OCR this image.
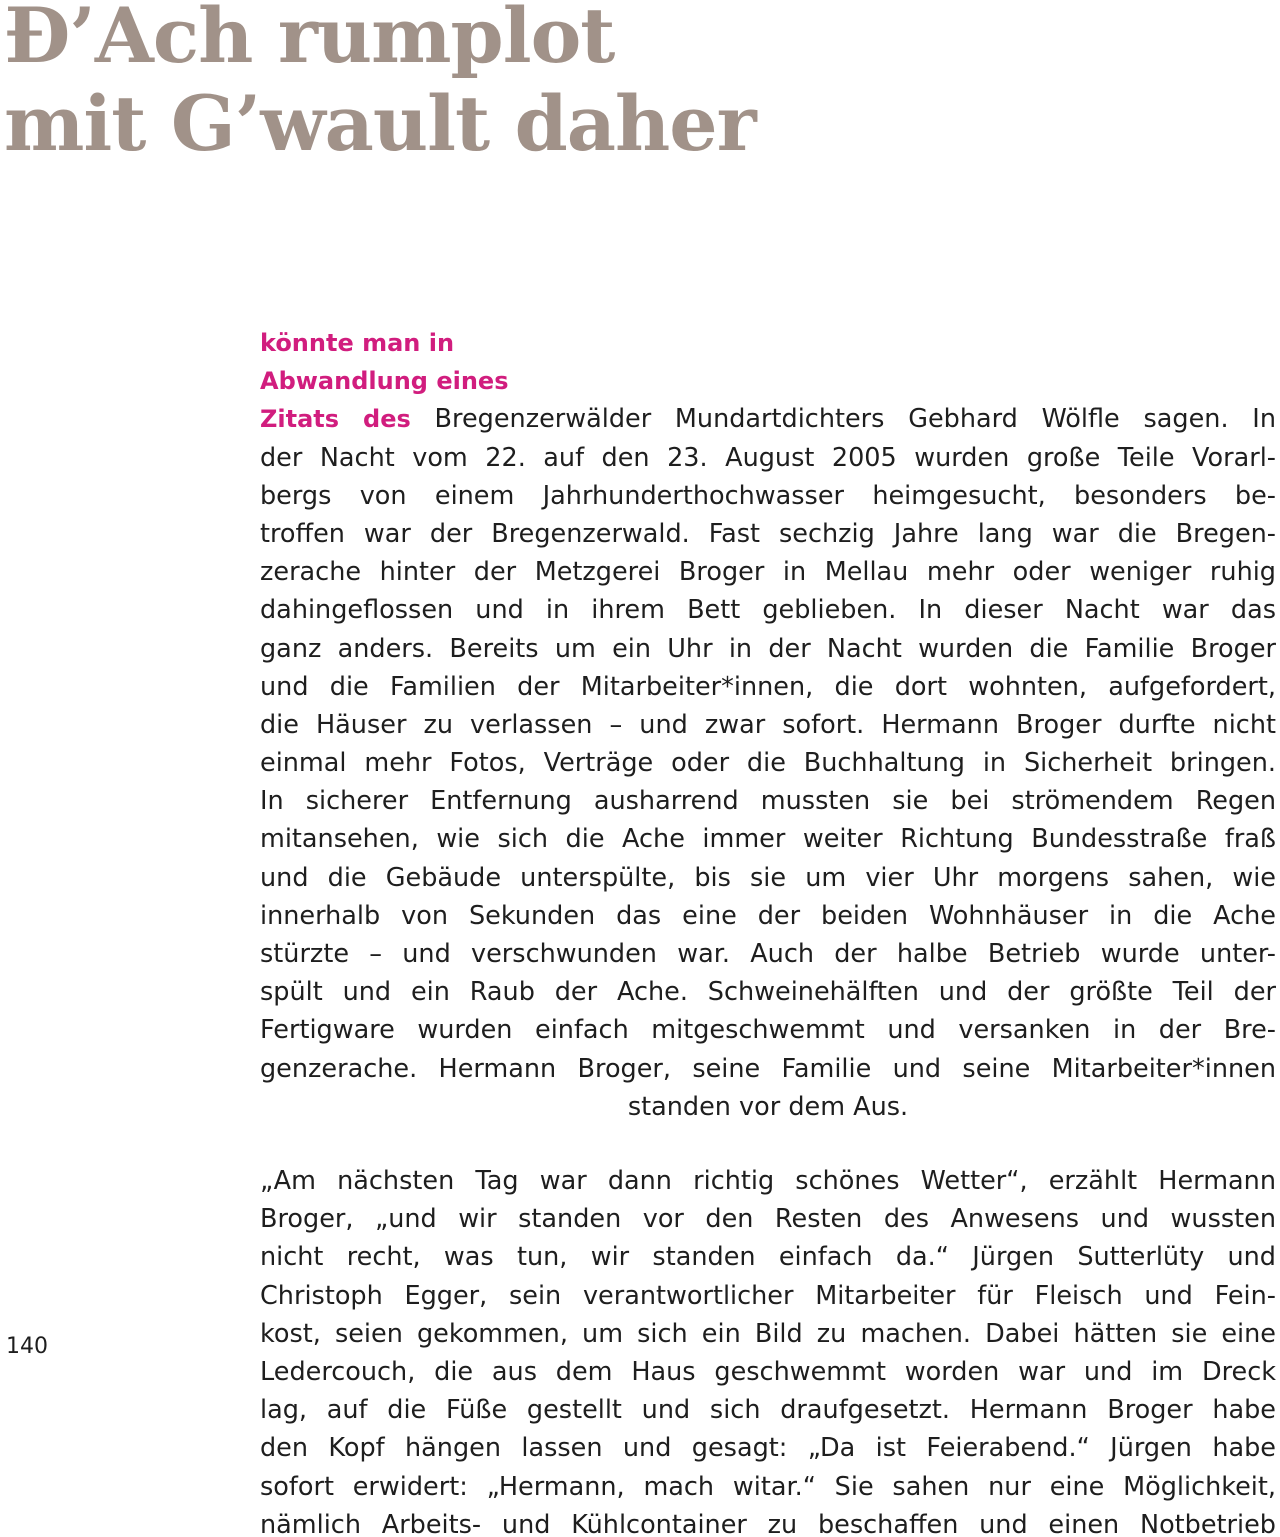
Đ’Ach rumplot
mit G’wault daher
könnte man in
Abwandlung eines
Zitats des Bregenzerwälder Mundartdichters Gebhard Wölfle sagen. In
der Nacht vom 22. auf den 23. August 2005 wurden große Teile Vorarl-
bergs von einem Jahrhunderthochwasser heimgesucht, besonders be-
troffen war der Bregenzerwald. Fast sechzig Jahre lang war die Bregen-
zerache hinter der Metzgerei Broger in Mellau mehr oder weniger ruhig
dahingeflossen und in ihrem Bett geblieben. In dieser Nacht war das
ganz anders. Bereits um ein Uhr in der Nacht wurden die Familie Broger
und die Familien der Mitarbeiter*innen, die dort wohnten, aufgefordert,
die Häuser zu verlassen – und zwar sofort. Hermann Broger durfte nicht
einmal mehr Fotos, Verträge oder die Buchhaltung in Sicherheit bringen.
In sicherer Entfernung ausharrend mussten sie bei strömendem Regen
mitansehen, wie sich die Ache immer weiter Richtung Bundesstraße fraß
und die Gebäude unterspülte, bis sie um vier Uhr morgens sahen, wie
innerhalb von Sekunden das eine der beiden Wohnhäuser in die Ache
stürzte – und verschwunden war. Auch der halbe Betrieb wurde unter-
spült und ein Raub der Ache. Schweinehälften und der größte Teil der
Fertigware wurden einfach mitgeschwemmt und versanken in der Bre-
genzerache. Hermann Broger, seine Familie und seine Mitarbeiter*innen
standen vor dem Aus.
„Am nächsten Tag war dann richtig schönes Wetter“, erzählt Hermann
Broger, „und wir standen vor den Resten des Anwesens und wussten
nicht recht, was tun, wir standen einfach da.“ Jürgen Sutterlüty und
Christoph Egger, sein verantwortlicher Mitarbeiter für Fleisch und Fein-
kost, seien gekommen, um sich ein Bild zu machen. Dabei hätten sie eine
Ledercouch, die aus dem Haus geschwemmt worden war und im Dreck
lag, auf die Füße gestellt und sich draufgesetzt. Hermann Broger habe
den Kopf hängen lassen und gesagt: „Da ist Feierabend.“ Jürgen habe
sofort erwidert: „Hermann, mach witar.“ Sie sahen nur eine Möglichkeit,
nämlich Arbeits- und Kühlcontainer zu beschaffen und einen Notbetrieb
140
